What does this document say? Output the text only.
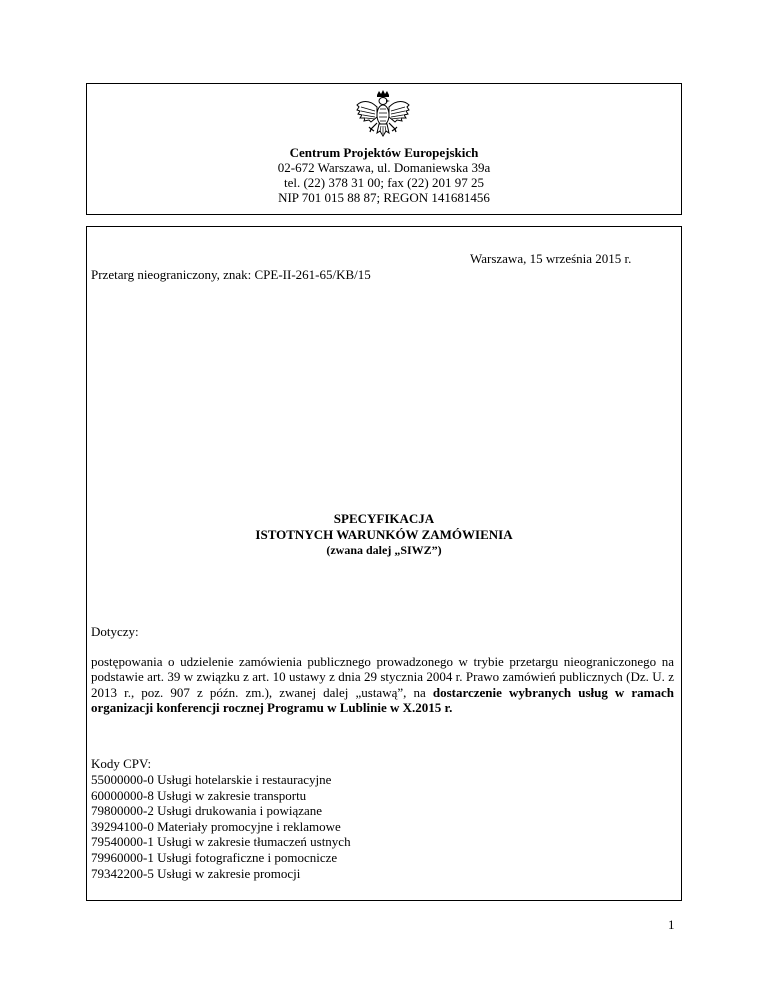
Centrum Projektów Europejskich
02-672 Warszawa, ul. Domaniewska 39a
tel. (22) 378 31 00; fax (22) 201 97 25
NIP 701 015 88 87; REGON 141681456
Warszawa, 15 września 2015 r.
Przetarg nieograniczony, znak: CPE-II-261-65/KB/15
SPECYFIKACJA
ISTOTNYCH WARUNKÓW ZAMÓWIENIA
(zwana dalej „SIWZ”)
Dotyczy:
postępowania o udzielenie zamówienia publicznego prowadzonego w trybie przetargu nieograniczonego na podstawie art. 39 w związku z art. 10 ustawy z dnia 29 stycznia 2004 r. Prawo zamówień publicznych (Dz. U. z 2013 r., poz. 907 z późn. zm.), zwanej dalej „ustawą”, na dostarczenie wybranych usług w ramach organizacji konferencji rocznej Programu w Lublinie w X.2015 r.
Kody CPV:
55000000-0 Usługi hotelarskie i restauracyjne
60000000-8 Usługi w zakresie transportu
79800000-2 Usługi drukowania i powiązane
39294100-0 Materiały promocyjne i reklamowe
79540000-1 Usługi w zakresie tłumaczeń ustnych
79960000-1 Usługi fotograficzne i pomocnicze
79342200-5 Usługi w zakresie promocji
1
